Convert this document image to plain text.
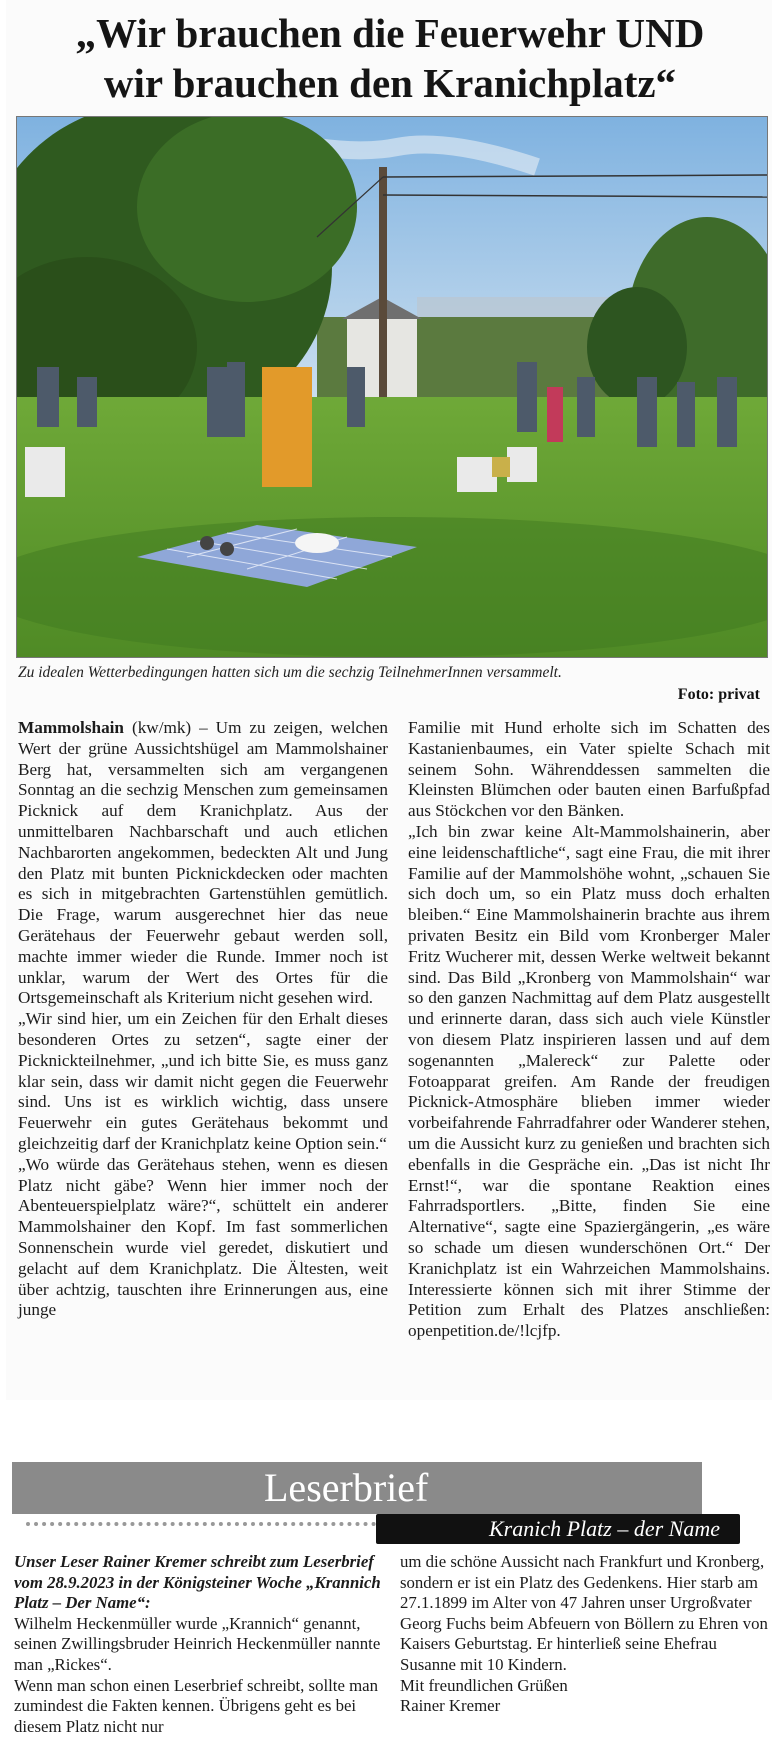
„Wir brauchen die Feuerwehr UND
wir brauchen den Kranichplatz“

Zu idealen Wetterbedingungen hatten sich um die sechzig TeilnehmerInnen versammelt.

Foto: privat

Mammolshain (kw/mk) – Um zu zeigen, welchen Wert der grüne Aussichtshügel am Mammolshainer Berg hat, versammelten sich am vergangenen Sonntag an die sechzig Menschen zum gemeinsamen Picknick auf dem Kranichplatz. Aus der unmittelbaren Nachbarschaft und auch etlichen Nachbarorten angekommen, bedeckten Alt und Jung den Platz mit bunten Picknickdecken oder machten es sich in mitgebrachten Gartenstühlen gemütlich. Die Frage, warum ausgerechnet hier das neue Gerätehaus der Feuerwehr gebaut werden soll, machte immer wieder die Runde. Immer noch ist unklar, warum der Wert des Ortes für die Ortsgemeinschaft als Kriterium nicht gesehen wird.

„Wir sind hier, um ein Zeichen für den Erhalt dieses besonderen Ortes zu setzen“, sagte einer der Picknickteilnehmer, „und ich bitte Sie, es muss ganz klar sein, dass wir damit nicht gegen die Feuerwehr sind. Uns ist es wirklich wichtig, dass unsere Feuerwehr ein gutes Gerätehaus bekommt und gleichzeitig darf der Kranichplatz keine Option sein.“

„Wo würde das Gerätehaus stehen, wenn es diesen Platz nicht gäbe? Wenn hier immer noch der Abenteuerspielplatz wäre?“, schüttelt ein anderer Mammolshainer den Kopf. Im fast sommerlichen Sonnenschein wurde viel geredet, diskutiert und gelacht auf dem Kranichplatz. Die Ältesten, weit über achtzig, tauschten ihre Erinnerungen aus, eine junge

Familie mit Hund erholte sich im Schatten des Kastanienbaumes, ein Vater spielte Schach mit seinem Sohn. Währenddessen sammelten die Kleinsten Blümchen oder bauten einen Barfußpfad aus Stöckchen vor den Bänken.

„Ich bin zwar keine Alt-Mammolshainerin, aber eine leidenschaftliche“, sagt eine Frau, die mit ihrer Familie auf der Mammolshöhe wohnt, „schauen Sie sich doch um, so ein Platz muss doch erhalten bleiben.“ Eine Mammolshainerin brachte aus ihrem privaten Besitz ein Bild vom Kronberger Maler Fritz Wucherer mit, dessen Werke weltweit bekannt sind. Das Bild „Kronberg von Mammolshain“ war so den ganzen Nachmittag auf dem Platz ausgestellt und erinnerte daran, dass sich auch viele Künstler von diesem Platz inspirieren lassen und auf dem sogenannten „Malereck“ zur Palette oder Fotoapparat greifen. Am Rande der freudigen Picknick-Atmosphäre blieben immer wieder vorbeifahrende Fahrradfahrer oder Wanderer stehen, um die Aussicht kurz zu genießen und brachten sich ebenfalls in die Gespräche ein. „Das ist nicht Ihr Ernst!“, war die spontane Reaktion eines Fahrradsportlers. „Bitte, finden Sie eine Alternative“, sagte eine Spaziergängerin, „es wäre so schade um diesen wunderschönen Ort.“ Der Kranichplatz ist ein Wahrzeichen Mammolshains. Interessierte können sich mit ihrer Stimme der Petition zum Erhalt des Platzes anschließen: openpetition.de/!lcjfp.

Leserbrief
Kranich Platz – der Name

Unser Leser Rainer Kremer schreibt zum Leserbrief vom 28.9.2023 in der Königsteiner Woche „Krannich Platz – Der Name“:

Wilhelm Heckenmüller wurde „Krannich“ genannt, seinen Zwillingsbruder Heinrich Heckenmüller nannte man „Rickes“.

Wenn man schon einen Leserbrief schreibt, sollte man zumindest die Fakten kennen. Übrigens geht es bei diesem Platz nicht nur

um die schöne Aussicht nach Frankfurt und Kronberg, sondern er ist ein Platz des Gedenkens. Hier starb am 27.1.1899 im Alter von 47 Jahren unser Urgroßvater Georg Fuchs beim Abfeuern von Böllern zu Ehren von Kaisers Geburtstag. Er hinterließ seine Ehefrau Susanne mit 10 Kindern.

Mit freundlichen Grüßen

Rainer Kremer
